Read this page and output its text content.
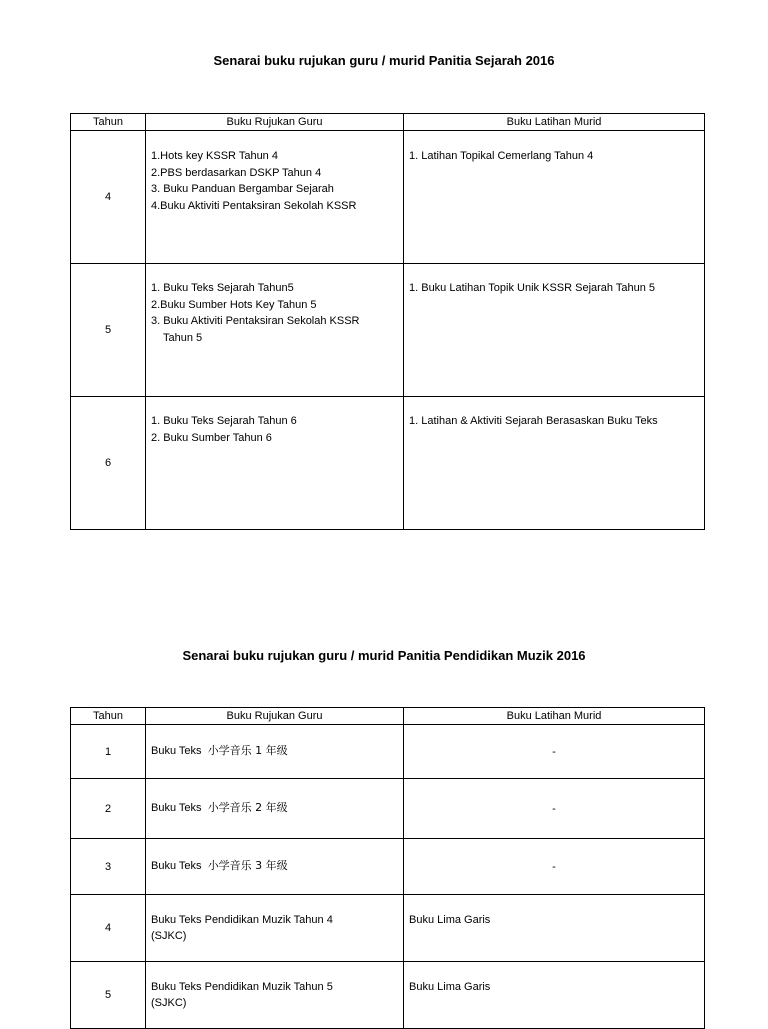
Senarai buku rujukan guru / murid Panitia Sejarah 2016
Tahun	Buku Rujukan Guru	Buku Latihan Murid
4	1.Hots key KSSR Tahun 4
2.PBS berdasarkan DSKP Tahun 4
3. Buku Panduan Bergambar Sejarah
4.Buku Aktiviti Pentaksiran Sekolah KSSR	1. Latihan Topikal Cemerlang Tahun 4

5	1. Buku Teks Sejarah Tahun5
2.Buku Sumber Hots Key Tahun 5
3. Buku Aktiviti Pentaksiran Sekolah KSSR
Tahun 5	1. Buku Latihan Topik Unik KSSR Sejarah Tahun 5

6	1. Buku Teks Sejarah Tahun 6
2. Buku Sumber Tahun 6	1. Latihan & Aktiviti Sejarah Berasaskan Buku Teks
Senarai buku rujukan guru / murid Panitia Pendidikan Muzik 2016
Tahun	Buku Rujukan Guru	Buku Latihan Murid
1	Buku Teks 小学音乐 1 年级	-
2	Buku Teks 小学音乐 2 年级	-
3	Buku Teks 小学音乐 3 年级	-
4	Buku Teks Pendidikan Muzik Tahun 4
(SJKC)	Buku Lima Garis

5	Buku Teks Pendidikan Muzik Tahun 5
(SJKC)	Buku Lima Garis
